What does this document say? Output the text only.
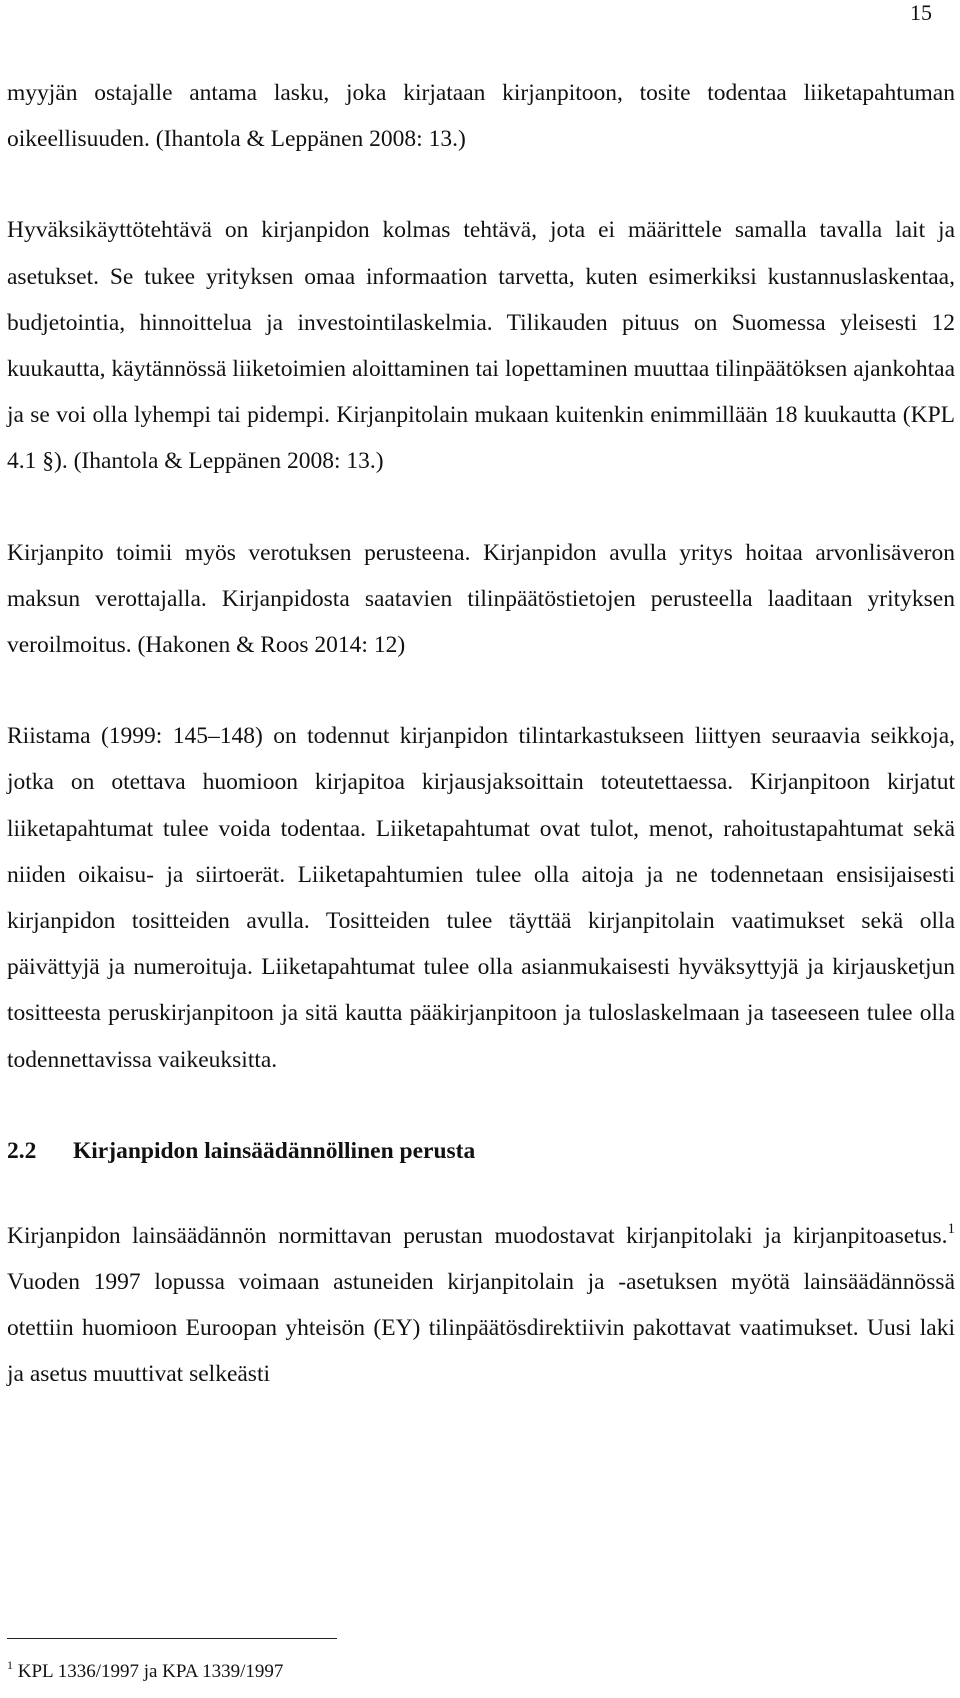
15

myyjän ostajalle antama lasku, joka kirjataan kirjanpitoon, tosite todentaa liiketapahtuman oikeellisuuden. (Ihantola & Leppänen 2008: 13.)

Hyväksikäyttötehtävä on kirjanpidon kolmas tehtävä, jota ei määrittele samalla tavalla lait ja asetukset. Se tukee yrityksen omaa informaation tarvetta, kuten esimerkiksi kustannuslaskentaa, budjetointia, hinnoittelua ja investointilaskelmia. Tilikauden pituus on Suomessa yleisesti 12 kuukautta, käytännössä liiketoimien aloittaminen tai lopettaminen muuttaa tilinpäätöksen ajankohtaa ja se voi olla lyhempi tai pidempi. Kirjanpitolain mukaan kuitenkin enimmillään 18 kuukautta (KPL 4.1 §). (Ihantola & Leppänen 2008: 13.)

Kirjanpito toimii myös verotuksen perusteena. Kirjanpidon avulla yritys hoitaa arvonlisäveron maksun verottajalla. Kirjanpidosta saatavien tilinpäätöstietojen perusteella laaditaan yrityksen veroilmoitus. (Hakonen & Roos 2014: 12)

Riistama (1999: 145–148) on todennut kirjanpidon tilintarkastukseen liittyen seuraavia seikkoja, jotka on otettava huomioon kirjapitoa kirjausjaksoittain toteutettaessa. Kirjanpitoon kirjatut liiketapahtumat tulee voida todentaa. Liiketapahtumat ovat tulot, menot, rahoitustapahtumat sekä niiden oikaisu- ja siirtoerät. Liiketapahtumien tulee olla aitoja ja ne todennetaan ensisijaisesti kirjanpidon tositteiden avulla. Tositteiden tulee täyttää kirjanpitolain vaatimukset sekä olla päivättyjä ja numeroituja. Liiketapahtumat tulee olla asianmukaisesti hyväksyttyjä ja kirjausketjun tositteesta peruskirjanpitoon ja sitä kautta pääkirjanpitoon ja tuloslaskelmaan ja taseeseen tulee olla todennettavissa vaikeuksitta.

2.2 Kirjanpidon lainsäädännöllinen perusta

Kirjanpidon lainsäädännön normittavan perustan muodostavat kirjanpitolaki ja kirjanpitoasetus.$^1$ Vuoden 1997 lopussa voimaan astuneiden kirjanpitolain ja -asetuksen myötä lainsäädännössä otettiin huomioon Euroopan yhteisön (EY) tilinpäätösdirektiivin pakottavat vaatimukset. Uusi laki ja asetus muuttivat selkeästi

$^1$ KPL 1336/1997 ja KPA 1339/1997
